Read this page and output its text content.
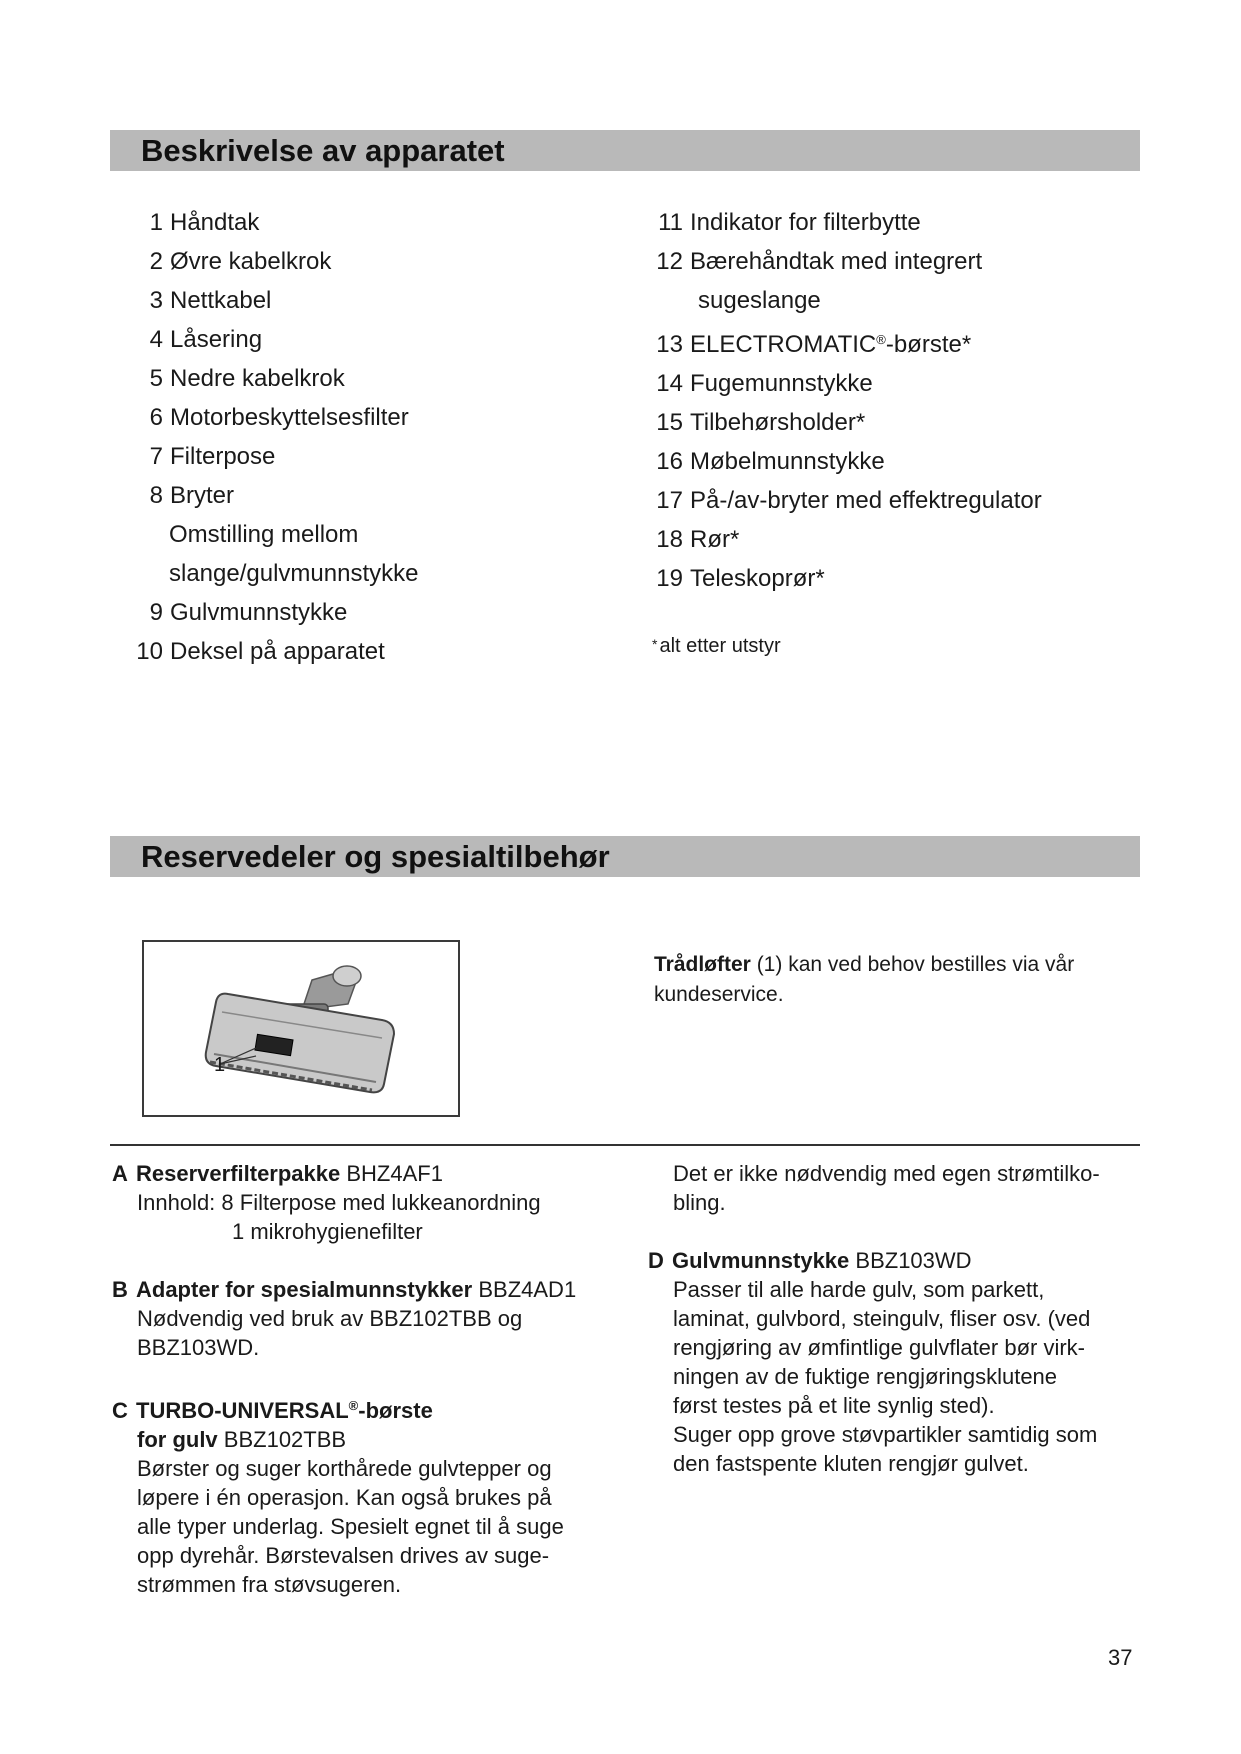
Beskrivelse av apparatet
1 Håndtak
2 Øvre kabelkrok
3 Nettkabel
4 Låsering
5 Nedre kabelkrok
6 Motorbeskyttelsesfilter
7 Filterpose
8 Bryter
Omstilling mellom
slange/gulvmunnstykke
9 Gulvmunnstykke
10 Deksel på apparatet
11 Indikator for filterbytte
12 Bærehåndtak med integrert
sugeslange
13 ELECTROMATIC®-børste*
14 Fugemunnstykke
15 Tilbehørsholder*
16 Møbelmunnstykke
17 På-/av-bryter med effektregulator
18 Rør*
19 Teleskoprør*
* alt etter utstyr
Reservedeler og spesialtilbehør
1
Trådløfter (1) kan ved behov bestilles via vår kundeservice.
A Reserverfilterpakke BHZ4AF1
Innhold: 8 Filterpose med lukkeanordning
1 mikrohygienefilter
B Adapter for spesialmunnstykker BBZ4AD1
Nødvendig ved bruk av BBZ102TBB og
BBZ103WD.
C TURBO-UNIVERSAL®-børste
for gulv BBZ102TBB
Børster og suger korthårede gulvtepper og
løpere i én operasjon. Kan også brukes på
alle typer underlag. Spesielt egnet til å suge
opp dyrehår. Børstevalsen drives av suge-
strømmen fra støvsugeren.
Det er ikke nødvendig med egen strømtilko-
bling.
D Gulvmunnstykke BBZ103WD
Passer til alle harde gulv, som parkett,
laminat, gulvbord, steingulv, fliser osv. (ved
rengjøring av ømfintlige gulvflater bør virk-
ningen av de fuktige rengjøringsklutene
først testes på et lite synlig sted).
Suger opp grove støvpartikler samtidig som
den fastspente kluten rengjør gulvet.
37
